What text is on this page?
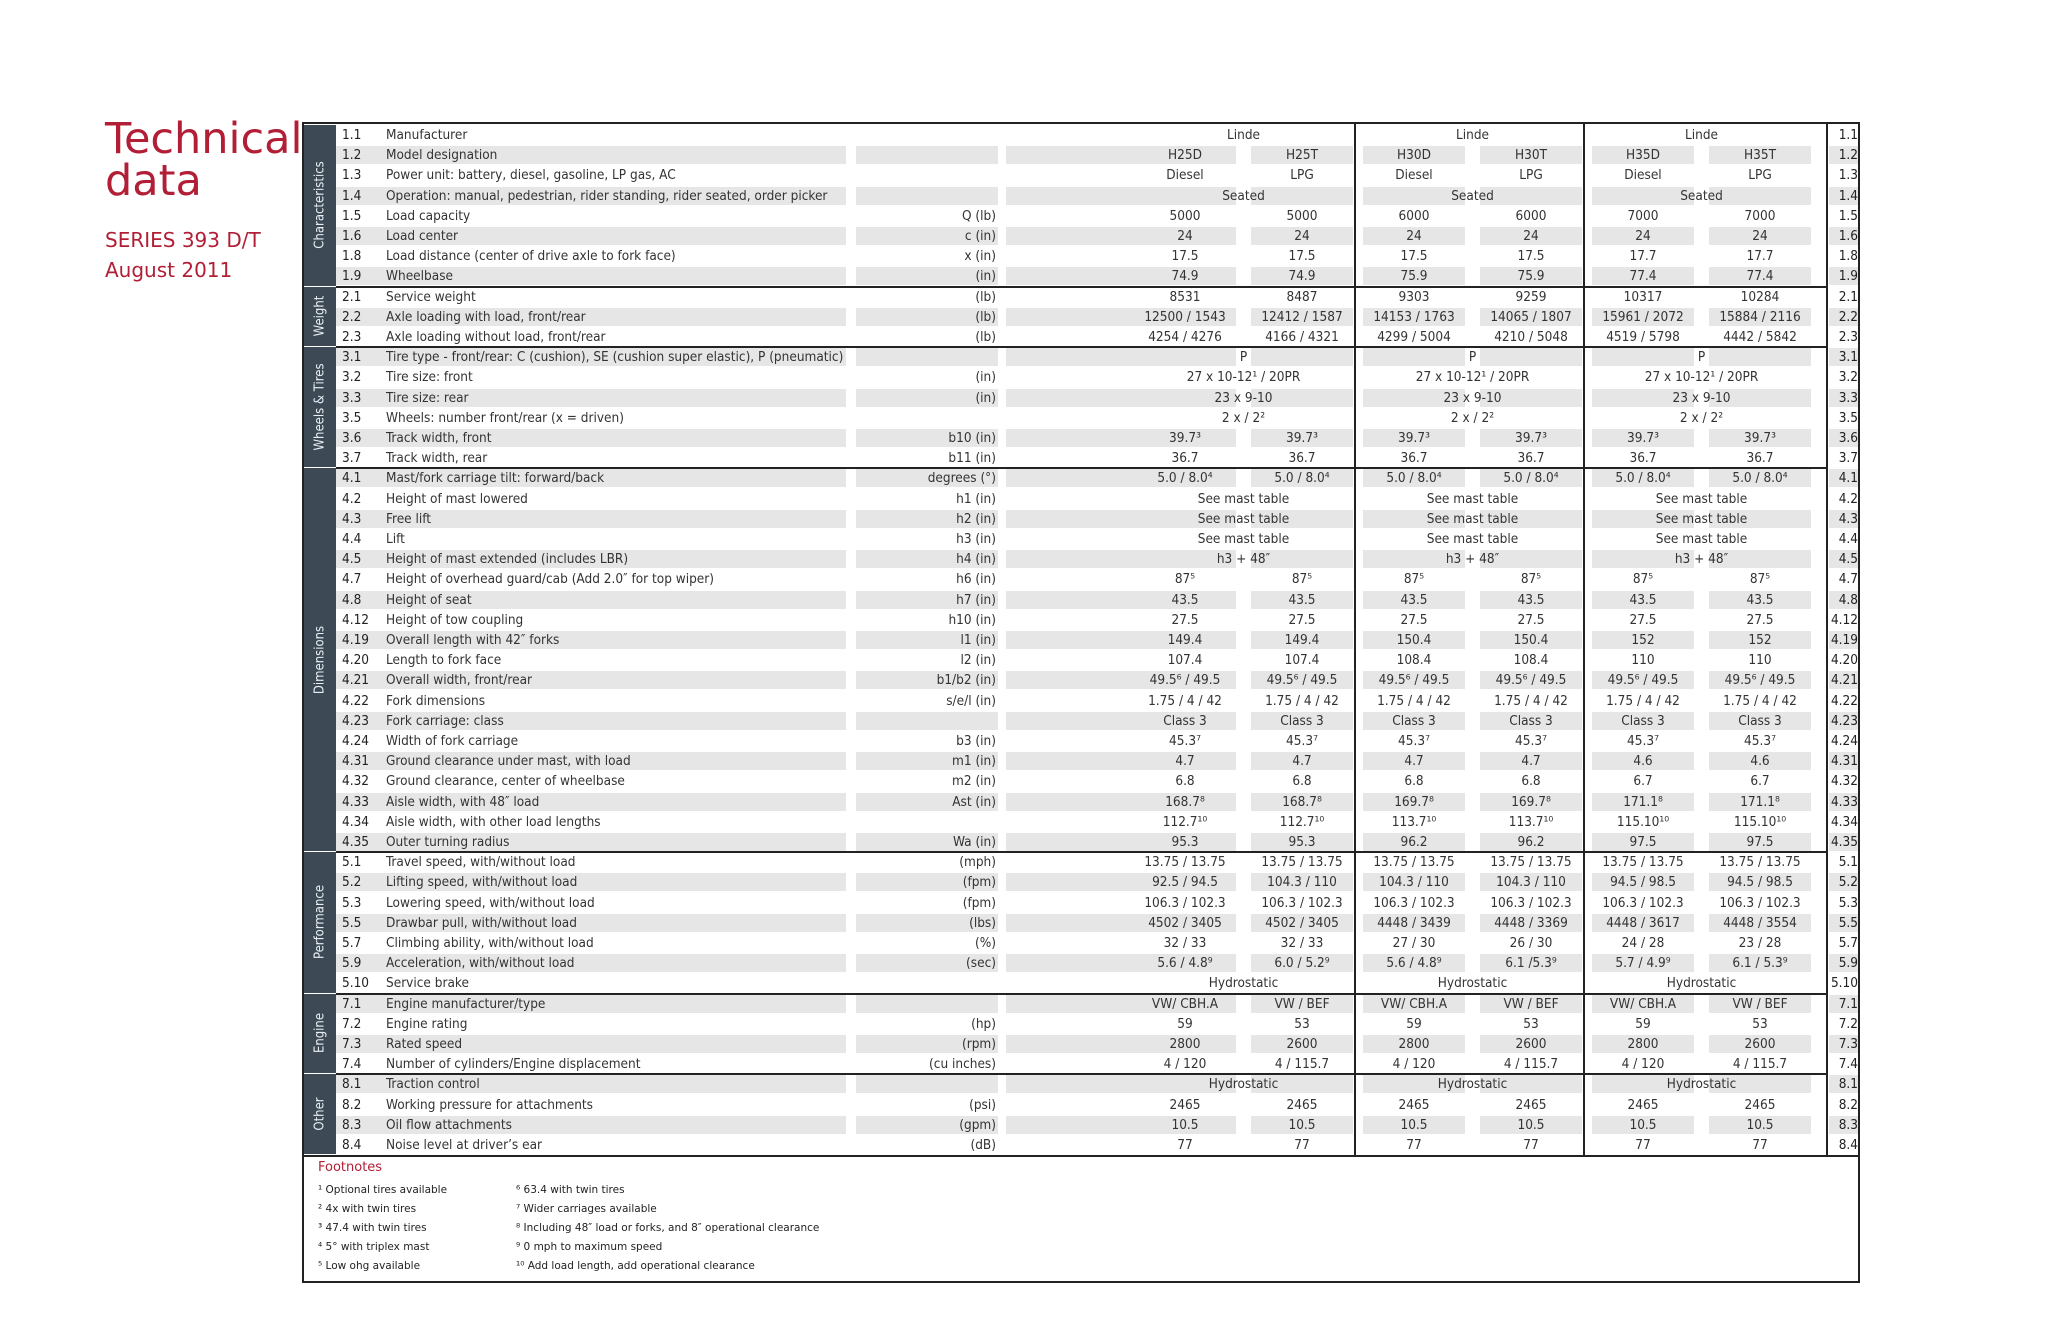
Technical
data
SERIES 393 D/T
August 2011
Footnotes
¹ Optional tires available
² 4x with twin tires
³ 47.4 with twin tires
⁴ 5° with triplex mast
⁵ Low ohg available
⁶ 63.4 with twin tires
⁷ Wider carriages available
⁸ Including 48″ load or forks, and 8″ operational clearance
⁹ 0 mph to maximum speed
¹⁰ Add load length, add operational clearance
1.1	Manufacturer	Linde	Linde	Linde	1.1
1.2	Model designation	H25D	H25T	H30D	H30T	H35D	H35T	1.2
1.3	Power unit: battery, diesel, gasoline, LP gas, AC	Diesel	LPG	Diesel	LPG	Diesel	LPG	1.3
1.4	Operation: manual, pedestrian, rider standing, rider seated, order picker	Seated	Seated	Seated	1.4
1.5	Load capacity	Q (lb)	5000	5000	6000	6000	7000	7000	1.5
1.6	Load center	c (in)	24	24	24	24	24	24	1.6
1.8	Load distance (center of drive axle to fork face)	x (in)	17.5	17.5	17.5	17.5	17.7	17.7	1.8
1.9	Wheelbase	(in)	74.9	74.9	75.9	75.9	77.4	77.4	1.9
2.1	Service weight	(lb)	8531	8487	9303	9259	10317	10284	2.1
2.2	Axle loading with load, front/rear	(lb)	12500 / 1543	12412 / 1587	14153 / 1763	14065 / 1807	15961 / 2072	15884 / 2116	2.2
2.3	Axle loading without load, front/rear	(lb)	4254 / 4276	4166 / 4321	4299 / 5004	4210 / 5048	4519 / 5798	4442 / 5842	2.3
3.1	Tire type - front/rear: C (cushion), SE (cushion super elastic), P (pneumatic)	P	P	P	3.1
3.2	Tire size: front	(in)	27 x 10-12¹ / 20PR	27 x 10-12¹ / 20PR	27 x 10-12¹ / 20PR	3.2
3.3	Tire size: rear	(in)	23 x 9-10	23 x 9-10	23 x 9-10	3.3
3.5	Wheels: number front/rear (x = driven)	2 x / 2²	2 x / 2²	2 x / 2²	3.5
3.6	Track width, front	b10 (in)	39.7³	39.7³	39.7³	39.7³	39.7³	39.7³	3.6
3.7	Track width, rear	b11 (in)	36.7	36.7	36.7	36.7	36.7	36.7	3.7
4.1	Mast/fork carriage tilt: forward/back	degrees (°)	5.0 / 8.0⁴	5.0 / 8.0⁴	5.0 / 8.0⁴	5.0 / 8.0⁴	5.0 / 8.0⁴	5.0 / 8.0⁴	4.1
4.2	Height of mast lowered	h1 (in)	See mast table	See mast table	See mast table	4.2
4.3	Free lift	h2 (in)	See mast table	See mast table	See mast table	4.3
4.4	Lift	h3 (in)	See mast table	See mast table	See mast table	4.4
4.5	Height of mast extended (includes LBR)	h4 (in)	h3 + 48″	h3 + 48″	h3 + 48″	4.5
4.7	Height of overhead guard/cab (Add 2.0″ for top wiper)	h6 (in)	87⁵	87⁵	87⁵	87⁵	87⁵	87⁵	4.7
4.8	Height of seat	h7 (in)	43.5	43.5	43.5	43.5	43.5	43.5	4.8
4.12 Height of tow coupling	h10 (in)	27.5	27.5	27.5	27.5	27.5	27.5	4.12
4.19 Overall length with 42″ forks	l1 (in)	149.4	149.4	150.4	150.4	152	152	4.19
4.20 Length to fork face	l2 (in)	107.4	107.4	108.4	108.4	110	110	4.20
4.21 Overall width, front/rear	b1/b2 (in)	49.5⁶ / 49.5	49.5⁶ / 49.5	49.5⁶ / 49.5	49.5⁶ / 49.5	49.5⁶ / 49.5	49.5⁶ / 49.5	4.21
4.22 Fork dimensions	s/e/l (in)	1.75 / 4 / 42	1.75 / 4 / 42	1.75 / 4 / 42	1.75 / 4 / 42	1.75 / 4 / 42	1.75 / 4 / 42	4.22
4.23 Fork carriage: class	Class 3	Class 3	Class 3	Class 3	Class 3	Class 3	4.23
4.24 Width of fork carriage	b3 (in)	45.3⁷	45.3⁷	45.3⁷	45.3⁷	45.3⁷	45.3⁷	4.24
4.31 Ground clearance under mast, with load	m1 (in)	4.7	4.7	4.7	4.7	4.6	4.6	4.31
4.32 Ground clearance, center of wheelbase	m2 (in)	6.8	6.8	6.8	6.8	6.7	6.7	4.32
4.33 Aisle width, with 48″ load	Ast (in)	168.7⁸	168.7⁸	169.7⁸	169.7⁸	171.1⁸	171.1⁸	4.33
4.34 Aisle width, with other load lengths	112.7¹⁰	112.7¹⁰	113.7¹⁰	113.7¹⁰	115.10¹⁰	115.10¹⁰	4.34
4.35 Outer turning radius	Wa (in)	95.3	95.3	96.2	96.2	97.5	97.5	4.35
5.1	Travel speed, with/without load	(mph)	13.75 / 13.75	13.75 / 13.75	13.75 / 13.75	13.75 / 13.75	13.75 / 13.75	13.75 / 13.75	5.1
5.2	Lifting speed, with/without load	(fpm)	92.5 / 94.5	104.3 / 110	104.3 / 110	104.3 / 110	94.5 / 98.5	94.5 / 98.5	5.2
5.3	Lowering speed, with/without load	(fpm)	106.3 / 102.3	106.3 / 102.3	106.3 / 102.3	106.3 / 102.3	106.3 / 102.3	106.3 / 102.3	5.3
5.5	Drawbar pull, with/without load	(lbs)	4502 / 3405	4502 / 3405	4448 / 3439	4448 / 3369	4448 / 3617	4448 / 3554	5.5
5.7	Climbing ability, with/without load	(%)	32 / 33	32 / 33	27 / 30	26 / 30	24 / 28	23 / 28	5.7
5.9	Acceleration, with/without load	(sec)	5.6 / 4.8⁹	6.0 / 5.2⁹	5.6 / 4.8⁹	6.1 /5.3⁹	5.7 / 4.9⁹	6.1 / 5.3⁹	5.9
5.10 Service brake	Hydrostatic	Hydrostatic	Hydrostatic	5.10
7.1	Engine manufacturer/type	VW/ CBH.A	VW / BEF	VW/ CBH.A	VW / BEF	VW/ CBH.A	VW / BEF	7.1
7.2	Engine rating	(hp)	59	53	59	53	59	53	7.2
7.3	Rated speed	(rpm)	2800	2600	2800	2600	2800	2600	7.3
7.4	Number of cylinders/Engine displacement	(cu inches)	4 / 120	4 / 115.7	4 / 120	4 / 115.7	4 / 120	4 / 115.7	7.4
8.1	Traction control	Hydrostatic	Hydrostatic	Hydrostatic	8.1
8.2	Working pressure for attachments	(psi)	2465	2465	2465	2465	2465	2465	8.2
8.3	Oil flow attachments	(gpm)	10.5	10.5	10.5	10.5	10.5	10.5	8.3
8.4	Noise level at driver’s ear	(dB)	77	77	77	77	77	77	8.4
Characteristics
Weight
Wheels & Tires
Dimensions
Performance
Engine
Other
